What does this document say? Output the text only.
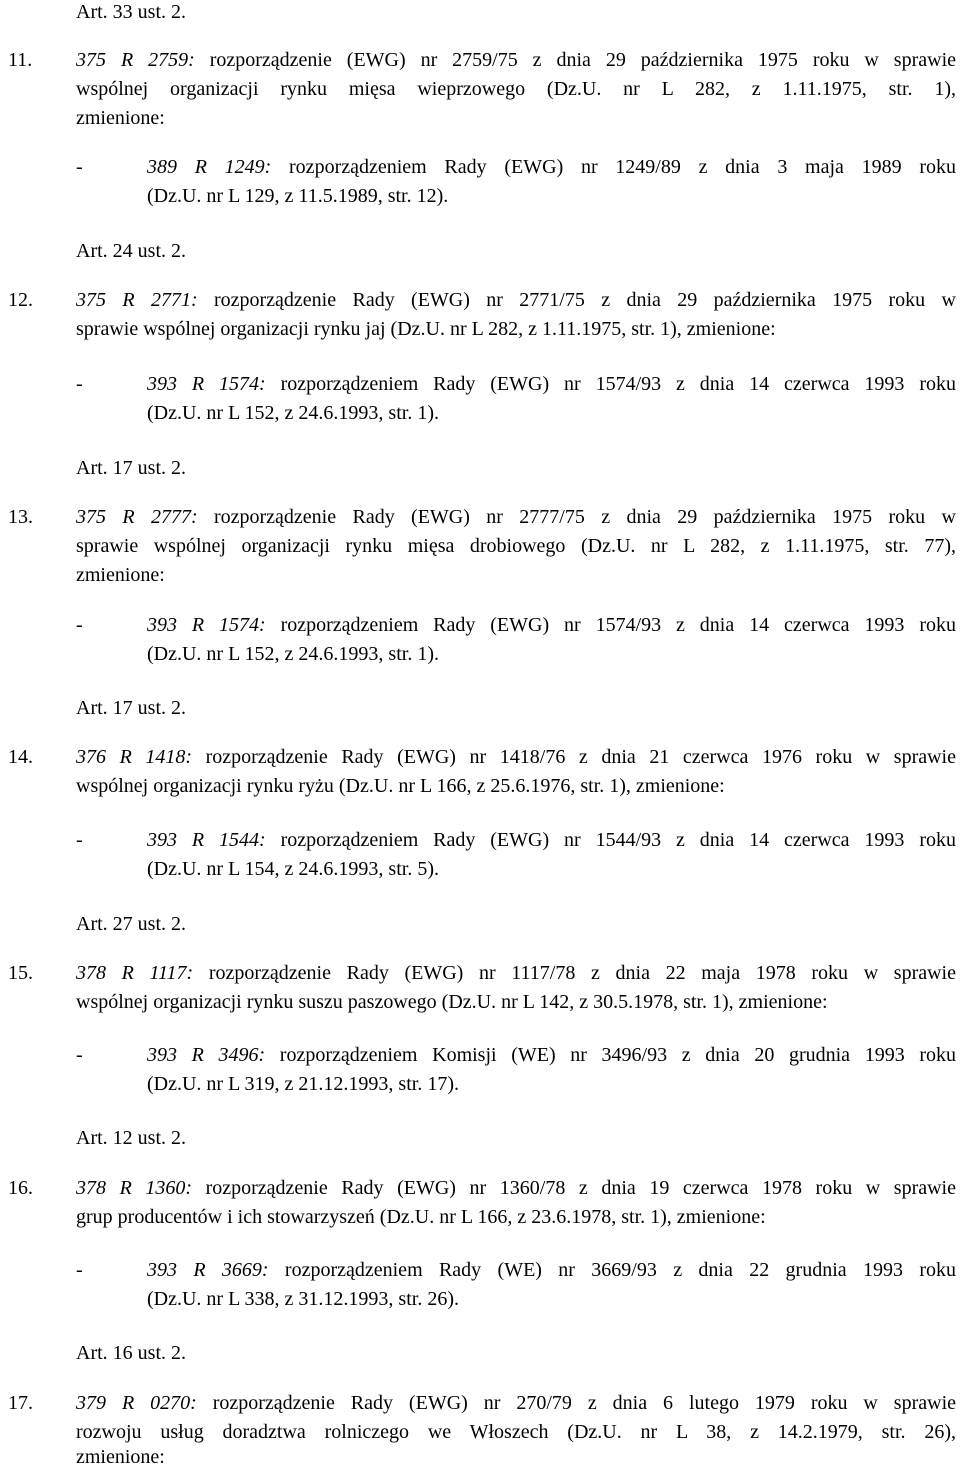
Art. 33 ust. 2.
11. 375 R 2759: rozporządzenie (EWG) nr 2759/75 z dnia 29 października 1975 roku w sprawie
wspólnej organizacji rynku mięsa wieprzowego (Dz.U. nr L 282, z 1.11.1975, str. 1),
zmienione:
-	389 R 1249: rozporządzeniem Rady (EWG) nr 1249/89 z dnia 3 maja 1989 roku
(Dz.U. nr L 129, z 11.5.1989, str. 12).
Art. 24 ust. 2.
12. 375 R 2771: rozporządzenie Rady (EWG) nr 2771/75 z dnia 29 października 1975 roku w
sprawie wspólnej organizacji rynku jaj (Dz.U. nr L 282, z 1.11.1975, str. 1), zmienione:
-	393 R 1574: rozporządzeniem Rady (EWG) nr 1574/93 z dnia 14 czerwca 1993 roku
(Dz.U. nr L 152, z 24.6.1993, str. 1).
Art. 17 ust. 2.
13. 375 R 2777: rozporządzenie Rady (EWG) nr 2777/75 z dnia 29 października 1975 roku w
sprawie wspólnej organizacji rynku mięsa drobiowego (Dz.U. nr L 282, z 1.11.1975, str. 77),
zmienione:
-	393 R 1574: rozporządzeniem Rady (EWG) nr 1574/93 z dnia 14 czerwca 1993 roku
(Dz.U. nr L 152, z 24.6.1993, str. 1).
Art. 17 ust. 2.
14. 376 R 1418: rozporządzenie Rady (EWG) nr 1418/76 z dnia 21 czerwca 1976 roku w sprawie
wspólnej organizacji rynku ryżu (Dz.U. nr L 166, z 25.6.1976, str. 1), zmienione:
-	393 R 1544: rozporządzeniem Rady (EWG) nr 1544/93 z dnia 14 czerwca 1993 roku
(Dz.U. nr L 154, z 24.6.1993, str. 5).
Art. 27 ust. 2.
15. 378 R 1117: rozporządzenie Rady (EWG) nr 1117/78 z dnia 22 maja 1978 roku w sprawie
wspólnej organizacji rynku suszu paszowego (Dz.U. nr L 142, z 30.5.1978, str. 1), zmienione:
-	393 R 3496: rozporządzeniem Komisji (WE) nr 3496/93 z dnia 20 grudnia 1993 roku
(Dz.U. nr L 319, z 21.12.1993, str. 17).
Art. 12 ust. 2.
16. 378 R 1360: rozporządzenie Rady (EWG) nr 1360/78 z dnia 19 czerwca 1978 roku w sprawie
grup producentów i ich stowarzyszeń (Dz.U. nr L 166, z 23.6.1978, str. 1), zmienione:
-	393 R 3669: rozporządzeniem Rady (WE) nr 3669/93 z dnia 22 grudnia 1993 roku
(Dz.U. nr L 338, z 31.12.1993, str. 26).
Art. 16 ust. 2.
17. 379 R 0270: rozporządzenie Rady (EWG) nr 270/79 z dnia 6 lutego 1979 roku w sprawie
rozwoju usług doradztwa rolniczego we Włoszech (Dz.U. nr L 38, z 14.2.1979, str. 26),
zmienione:
